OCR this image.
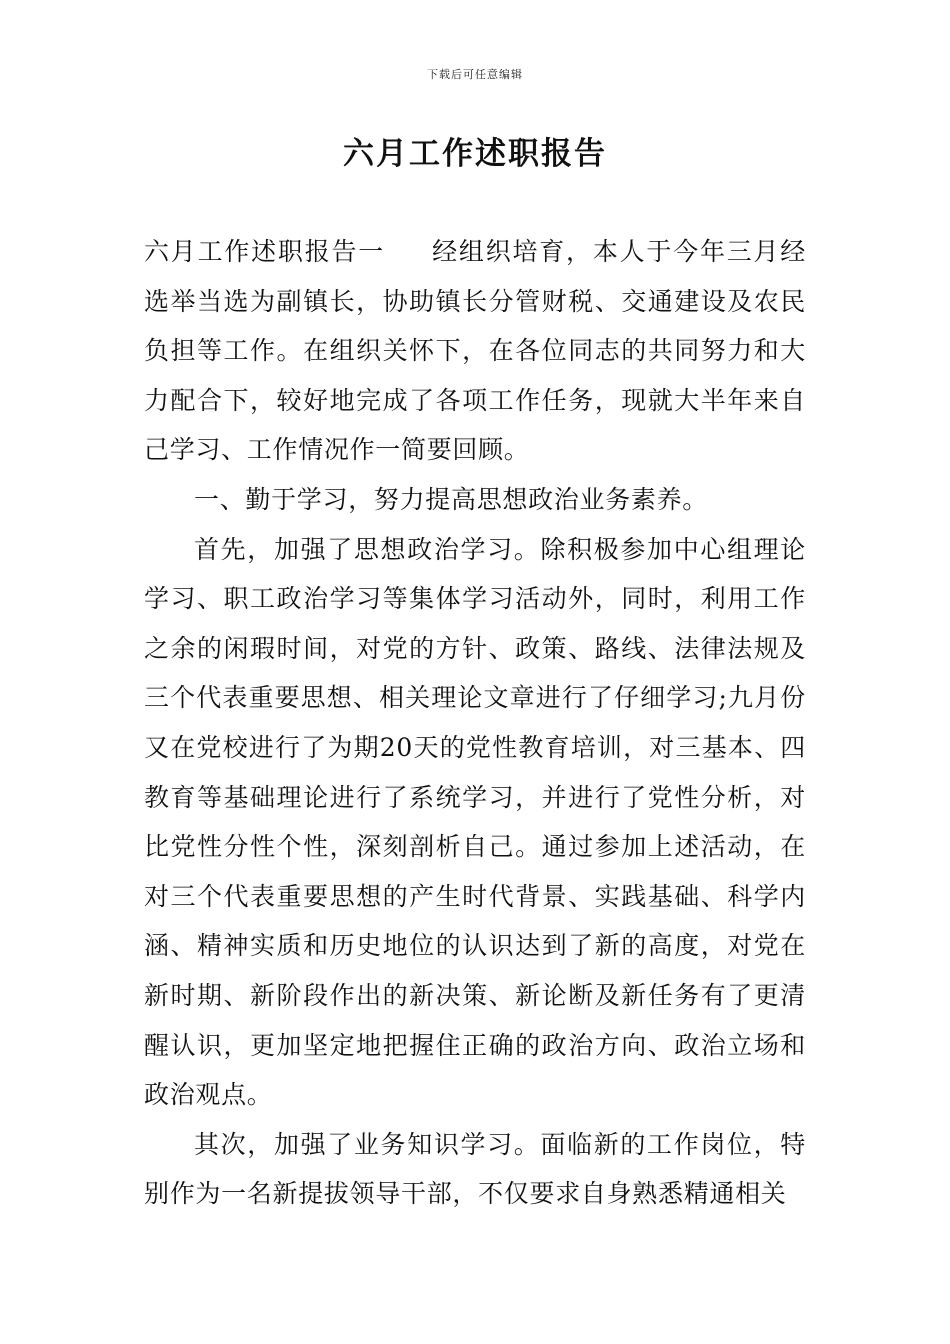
下载后可任意编辑
六月工作述职报告

六月工作述职报告一 经组织培育，本人于今年三月经选举当选为副镇长，协助镇长分管财税、交通建设及农民负担等工作。在组织关怀下，在各位同志的共同努力和大力配合下，较好地完成了各项工作任务，现就大半年来自己学习、工作情况作一简要回顾。

一、勤于学习，努力提高思想政治业务素养。

首先，加强了思想政治学习。除积极参加中心组理论学习、职工政治学习等集体学习活动外，同时，利用工作之余的闲瑕时间，对党的方针、政策、路线、法律法规及三个代表重要思想、相关理论文章进行了仔细学习;九月份又在党校进行了为期20天的党性教育培训，对三基本、四教育等基础理论进行了系统学习，并进行了党性分析，对比党性分性个性，深刻剖析自己。通过参加上述活动，在对三个代表重要思想的产生时代背景、实践基础、科学内涵、精神实质和历史地位的认识达到了新的高度，对党在新时期、新阶段作出的新决策、新论断及新任务有了更清醒认识，更加坚定地把握住正确的政治方向、政治立场和政治观点。

其次，加强了业务知识学习。面临新的工作岗位，特别作为一名新提拔领导干部，不仅要求自身熟悉精通相关
